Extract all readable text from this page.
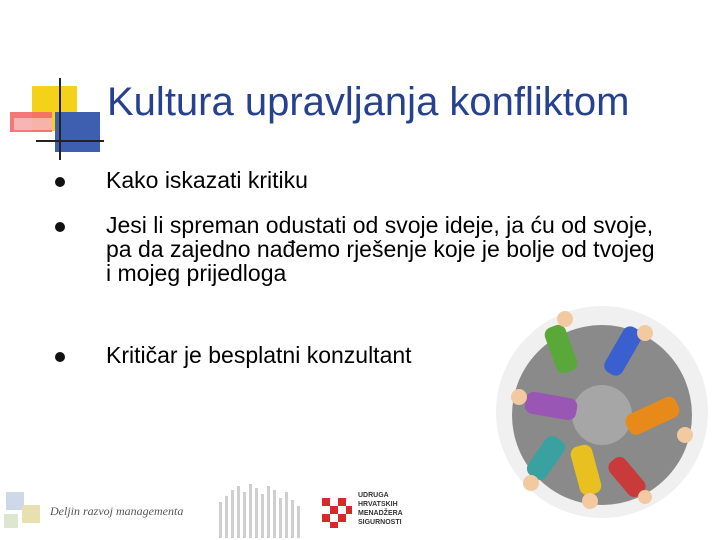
Kultura upravljanja konfliktom
Kako iskazati kritiku
Jesi li spreman odustati od svoje ideje, ja ću od svoje, pa da zajedno nađemo rješenje koje je bolje od tvojeg i mojeg prijedloga
Kritičar je besplatni konzultant
Deljin razvoj managementa
UDRUGA
HRVATSKIH
MENADŽERA
SIGURNOSTI
